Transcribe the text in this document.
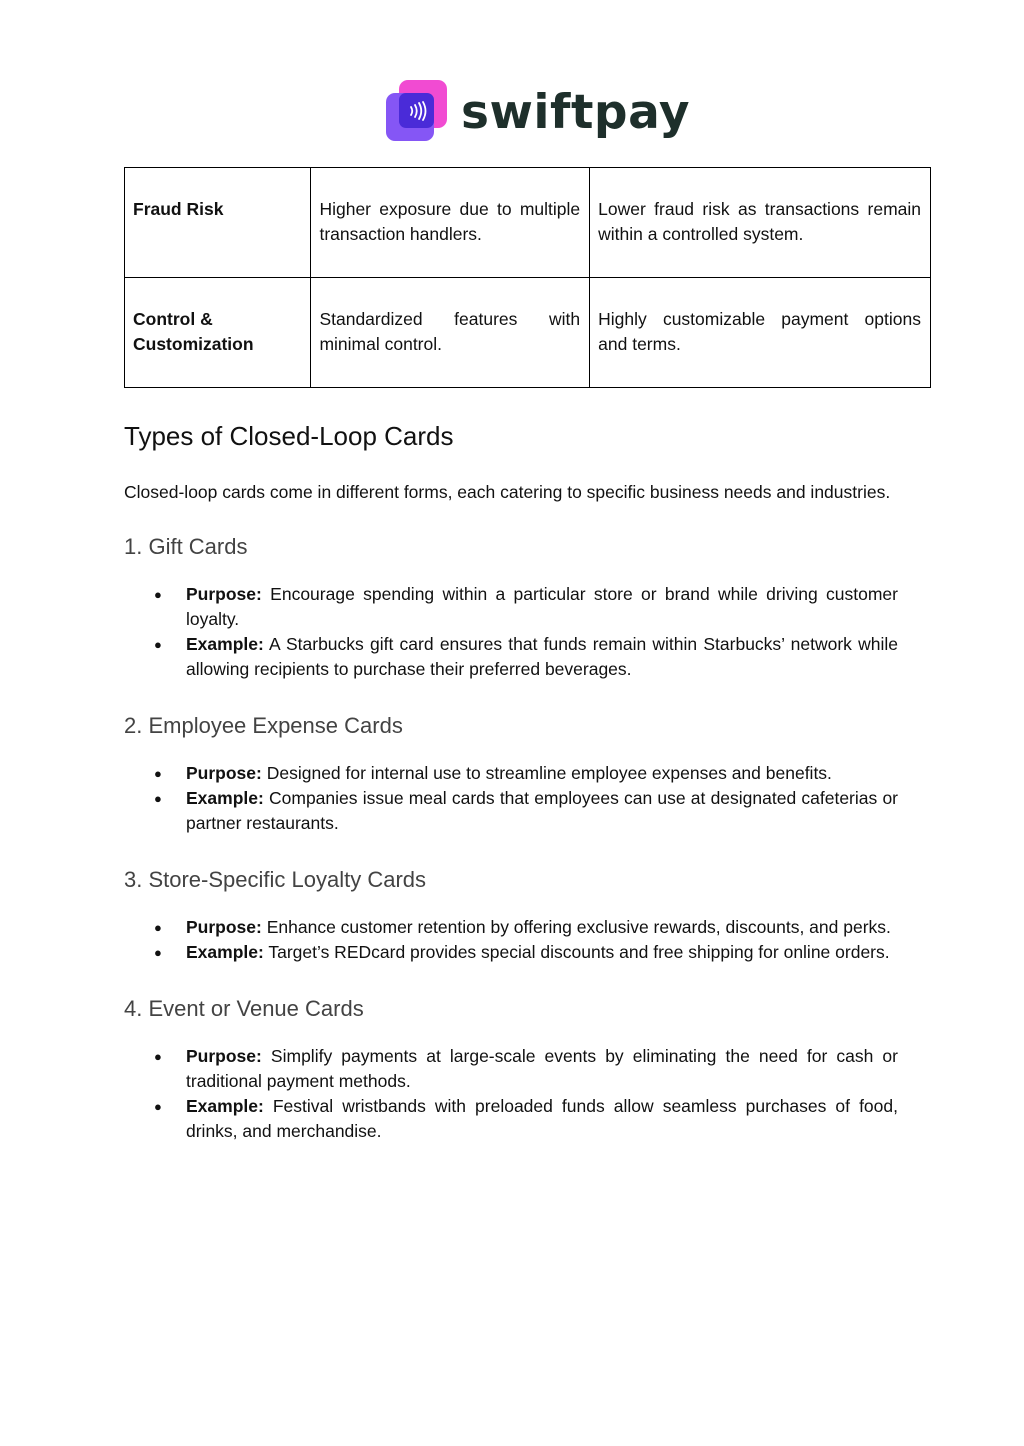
swiftpay
Fraud Risk	Higher exposure due to multiple transaction handlers.	Lower fraud risk as transactions remain within a controlled system.
Control & Customization	Standardized features with minimal control.	Highly customizable payment options and terms.
Types of Closed-Loop Cards

Closed-loop cards come in different forms, each catering to specific business needs and industries.

1. Gift Cards
● Purpose: Encourage spending within a particular store or brand while driving customer loyalty.
● Example: A Starbucks gift card ensures that funds remain within Starbucks’ network while allowing recipients to purchase their preferred beverages.
2. Employee Expense Cards
● Purpose: Designed for internal use to streamline employee expenses and benefits.
● Example: Companies issue meal cards that employees can use at designated cafeterias or partner restaurants.
3. Store-Specific Loyalty Cards
● Purpose: Enhance customer retention by offering exclusive rewards, discounts, and perks.
● Example: Target’s REDcard provides special discounts and free shipping for online orders.
4. Event or Venue Cards
● Purpose: Simplify payments at large-scale events by eliminating the need for cash or traditional payment methods.
● Example: Festival wristbands with preloaded funds allow seamless purchases of food, drinks, and merchandise.
